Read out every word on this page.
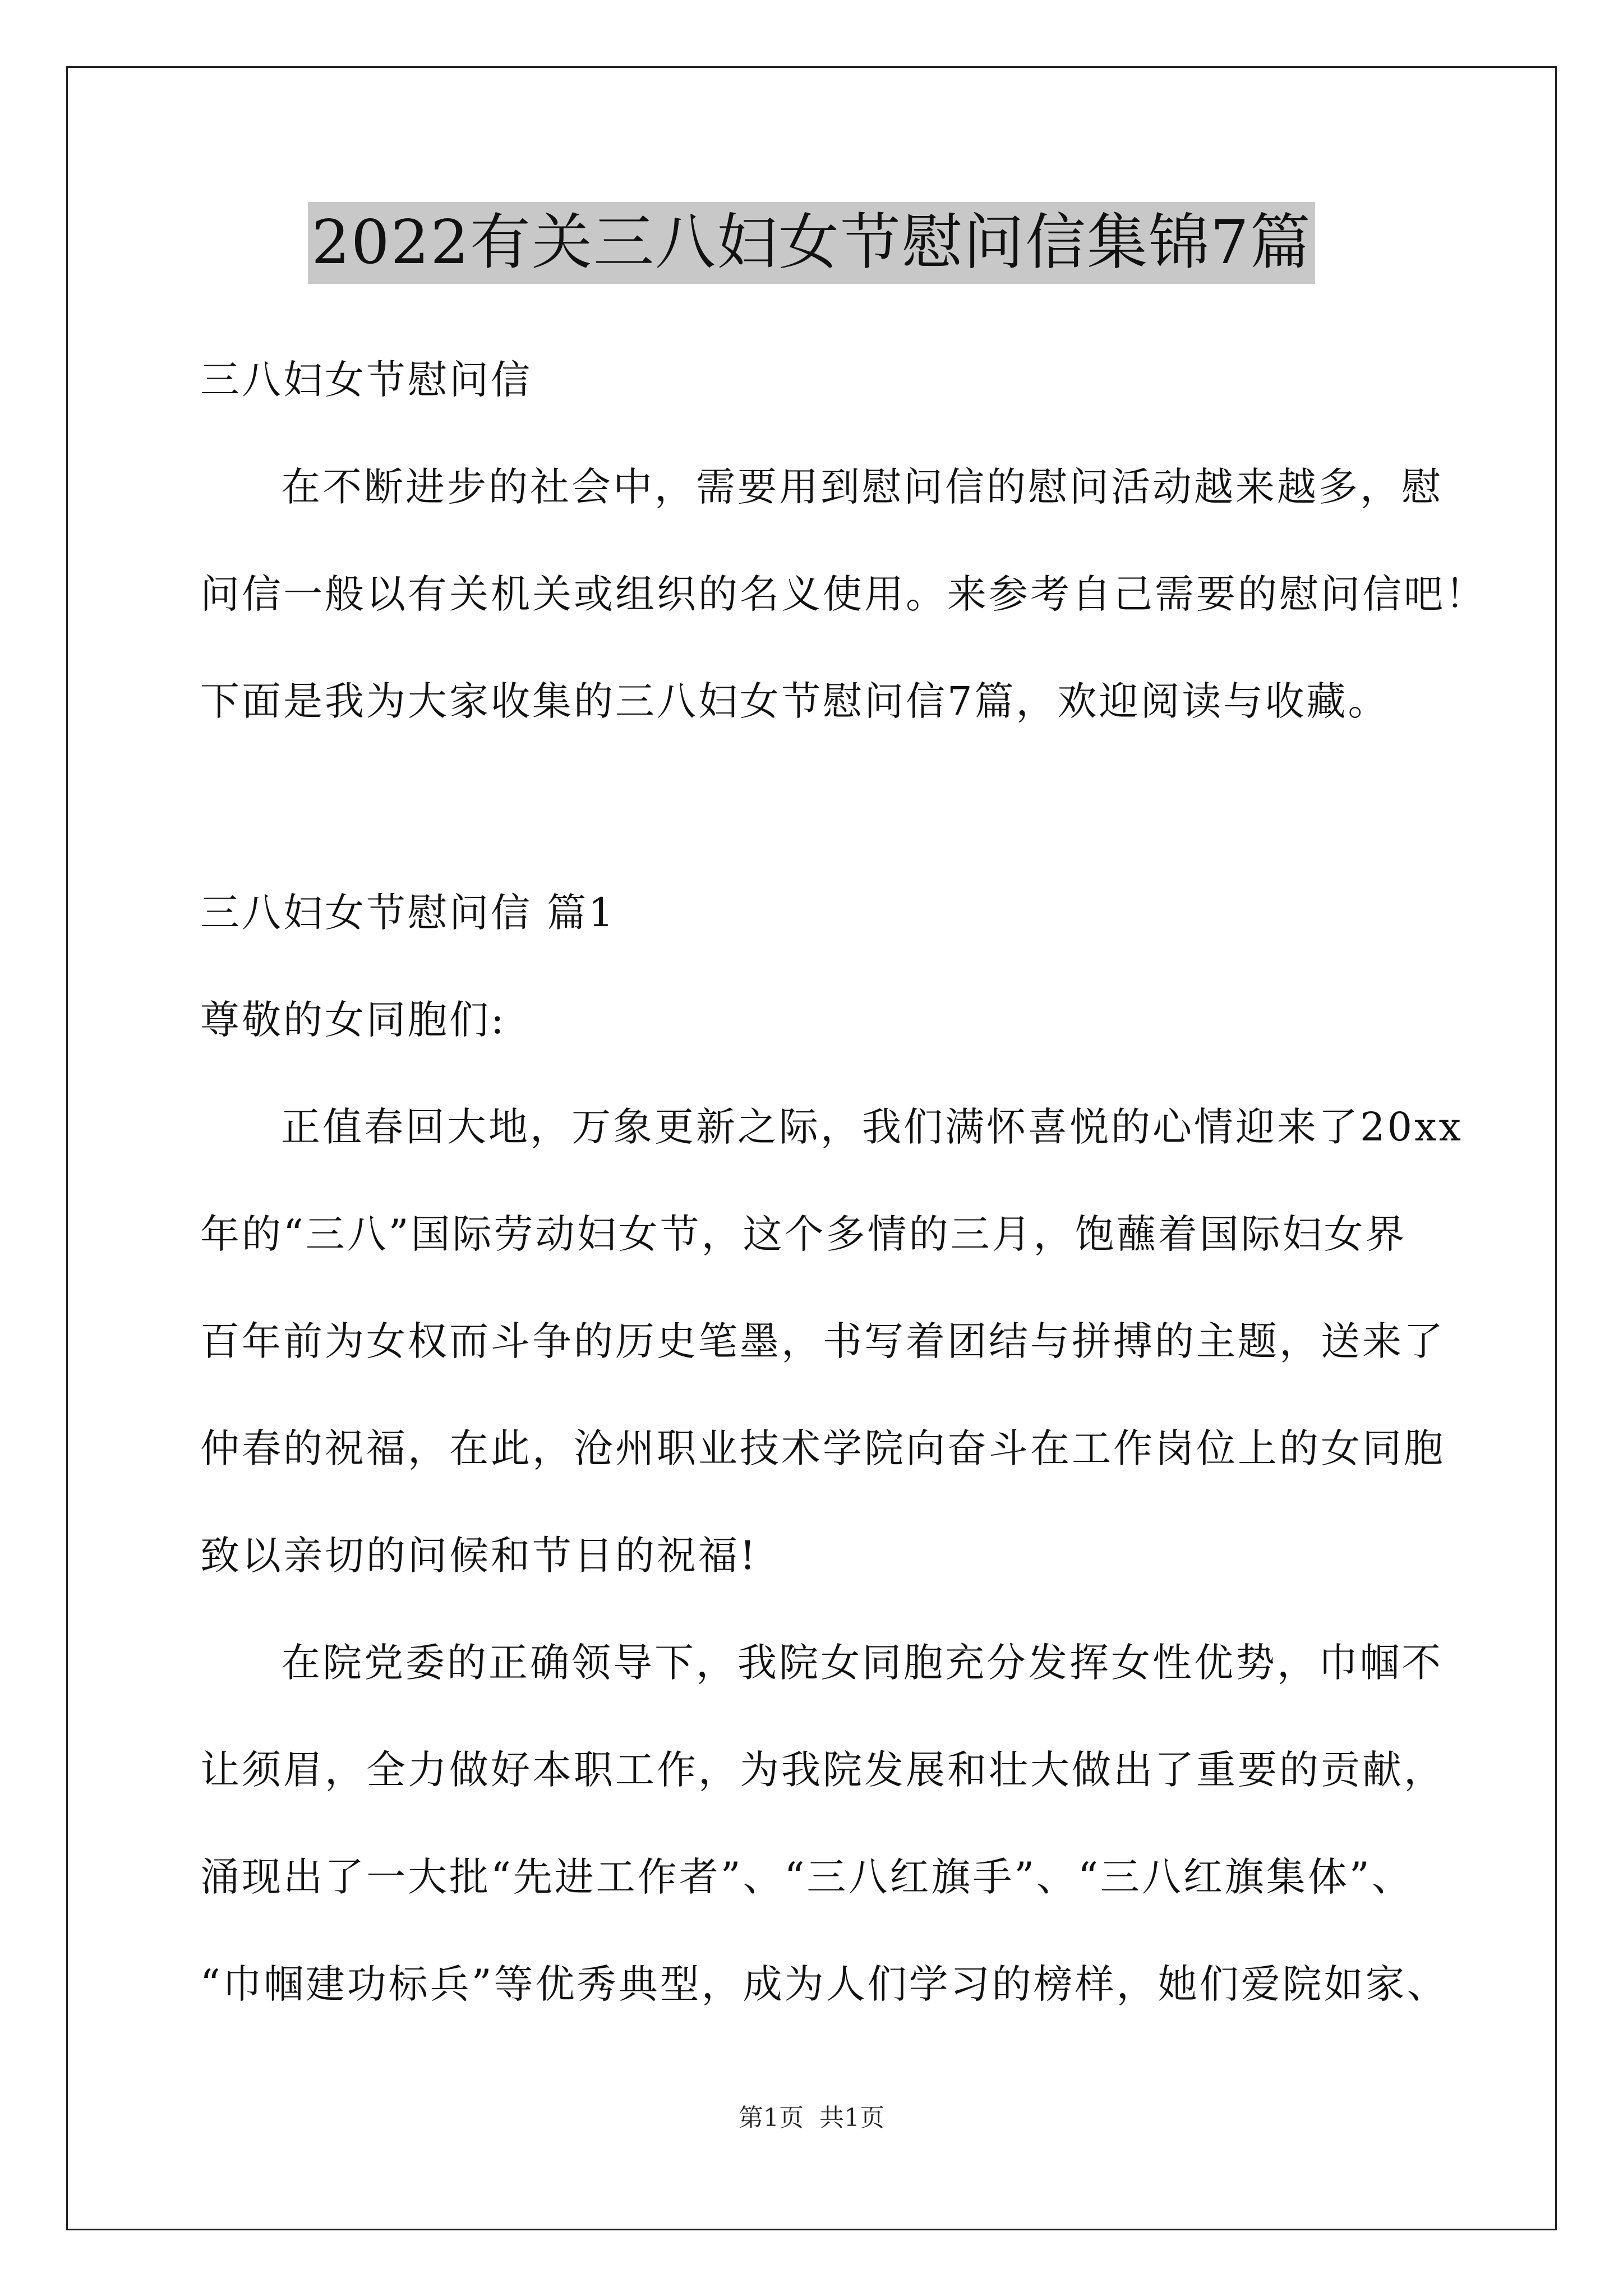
2022有关三八妇女节慰问信集锦7篇
三八妇女节慰问信
在不断进步的社会中，需要用到慰问信的慰问活动越来越多，慰
问信一般以有关机关或组织的名义使用。来参考自己需要的慰问信吧！
下面是我为大家收集的三八妇女节慰问信7篇，欢迎阅读与收藏。
三八妇女节慰问信 篇1
尊敬的女同胞们:
正值春回大地，万象更新之际，我们满怀喜悦的心情迎来了20xx
年的“三八”国际劳动妇女节，这个多情的三月，饱蘸着国际妇女界
百年前为女权而斗争的历史笔墨，书写着团结与拼搏的主题，送来了
仲春的祝福，在此，沧州职业技术学院向奋斗在工作岗位上的女同胞
致以亲切的问候和节日的祝福!
在院党委的正确领导下，我院女同胞充分发挥女性优势，巾帼不
让须眉，全力做好本职工作，为我院发展和壮大做出了重要的贡献，
涌现出了一大批“先进工作者”、“三八红旗手”、“三八红旗集体”、
“巾帼建功标兵”等优秀典型，成为人们学习的榜样，她们爱院如家、
第1页 共1页
